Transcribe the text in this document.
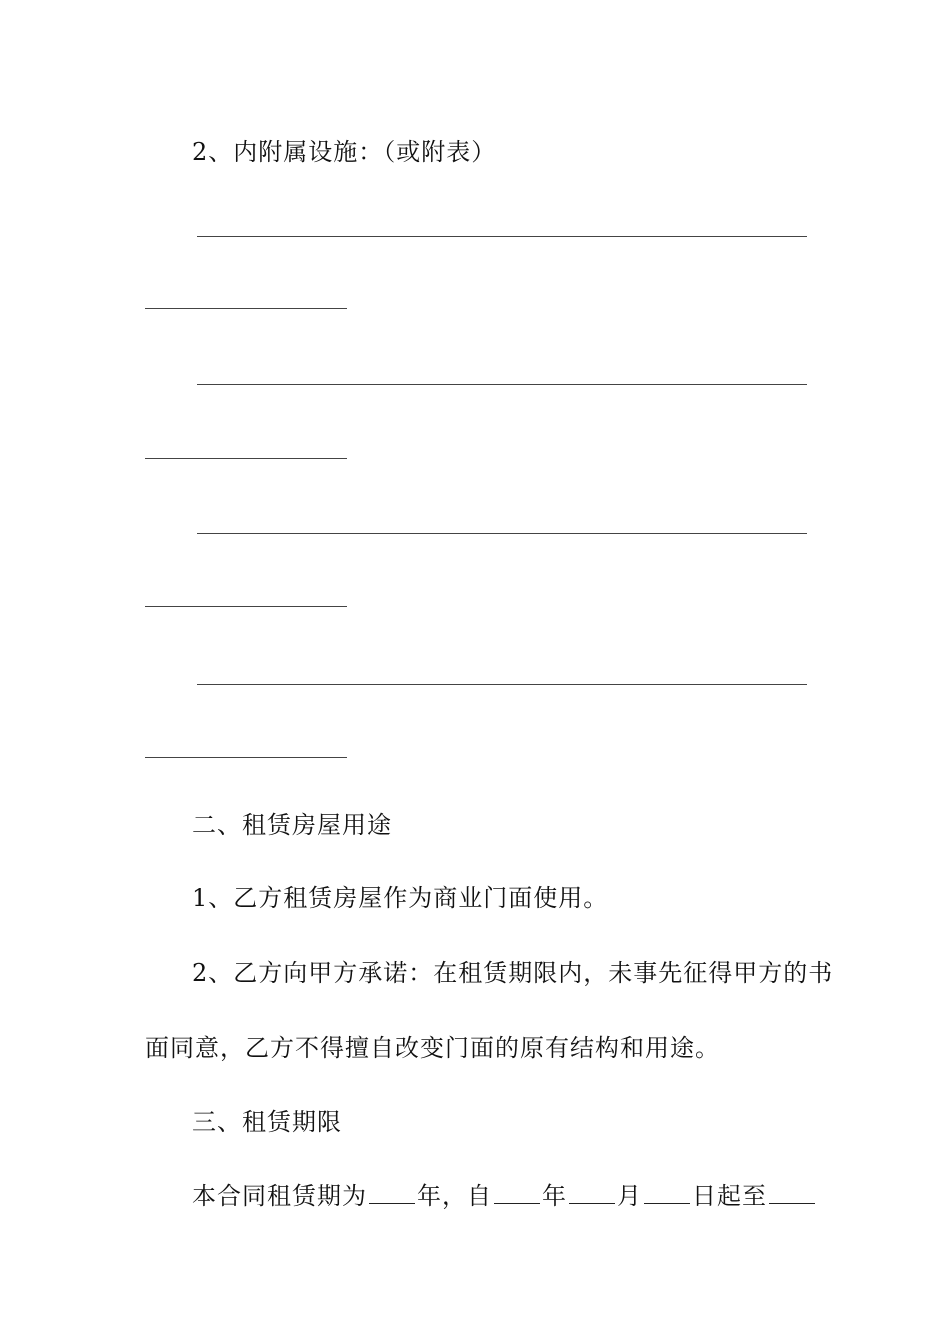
2、内附属设施：（或附表）
二、租赁房屋用途
1、乙方租赁房屋作为商业门面使用。
2、乙方向甲方承诺：在租赁期限内，未事先征得甲方的书
面同意，乙方不得擅自改变门面的原有结构和用途。
三、租赁期限
本合同租赁期为 年，自 年 月 日起至
